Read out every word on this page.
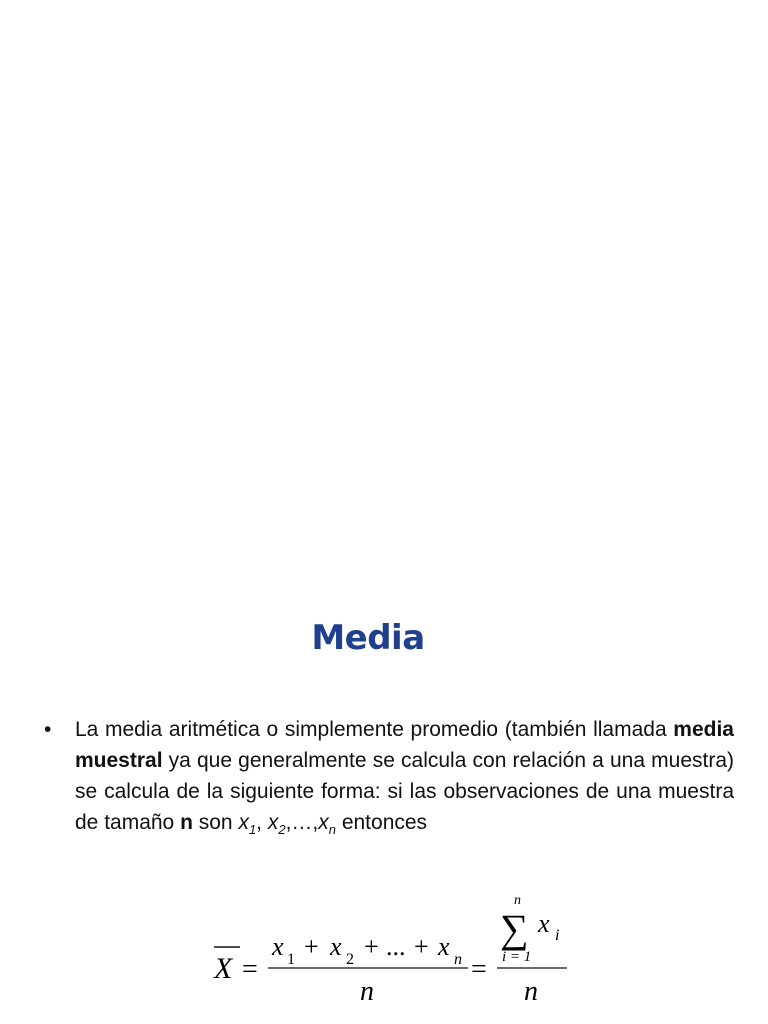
Media
• La media aritmética o simplemente promedio (también llamada media muestral ya que generalmente se calcula con relación a una muestra) se calcula de la siguiente forma: si las observaciones de una muestra de tamaño n son $x_1$, $x_2,\dots,x_n$ entonces
X =
x 1 + x 2 + ... + x n
n
=
n
∑ x i
i = 1
n
